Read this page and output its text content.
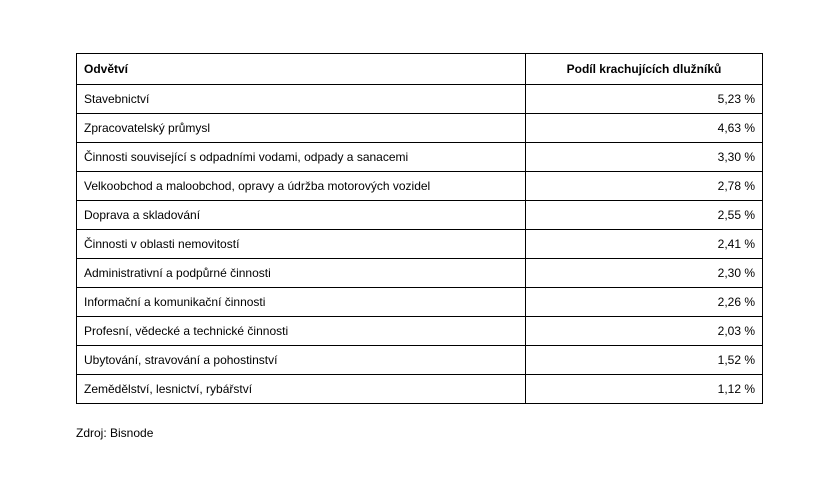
Odvětví	Podíl krachujících dlužníků
Stavebnictví	5,23 %
Zpracovatelský průmysl	4,63 %
Činnosti související s odpadními vodami, odpady a sanacemi	3,30 %
Velkoobchod a maloobchod, opravy a údržba motorových vozidel	2,78 %
Doprava a skladování	2,55 %
Činnosti v oblasti nemovitostí	2,41 %
Administrativní a podpůrné činnosti	2,30 %
Informační a komunikační činnosti	2,26 %
Profesní, vědecké a technické činnosti	2,03 %
Ubytování, stravování a pohostinství	1,52 %
Zemědělství, lesnictví, rybářství	1,12 %
Zdroj: Bisnode
